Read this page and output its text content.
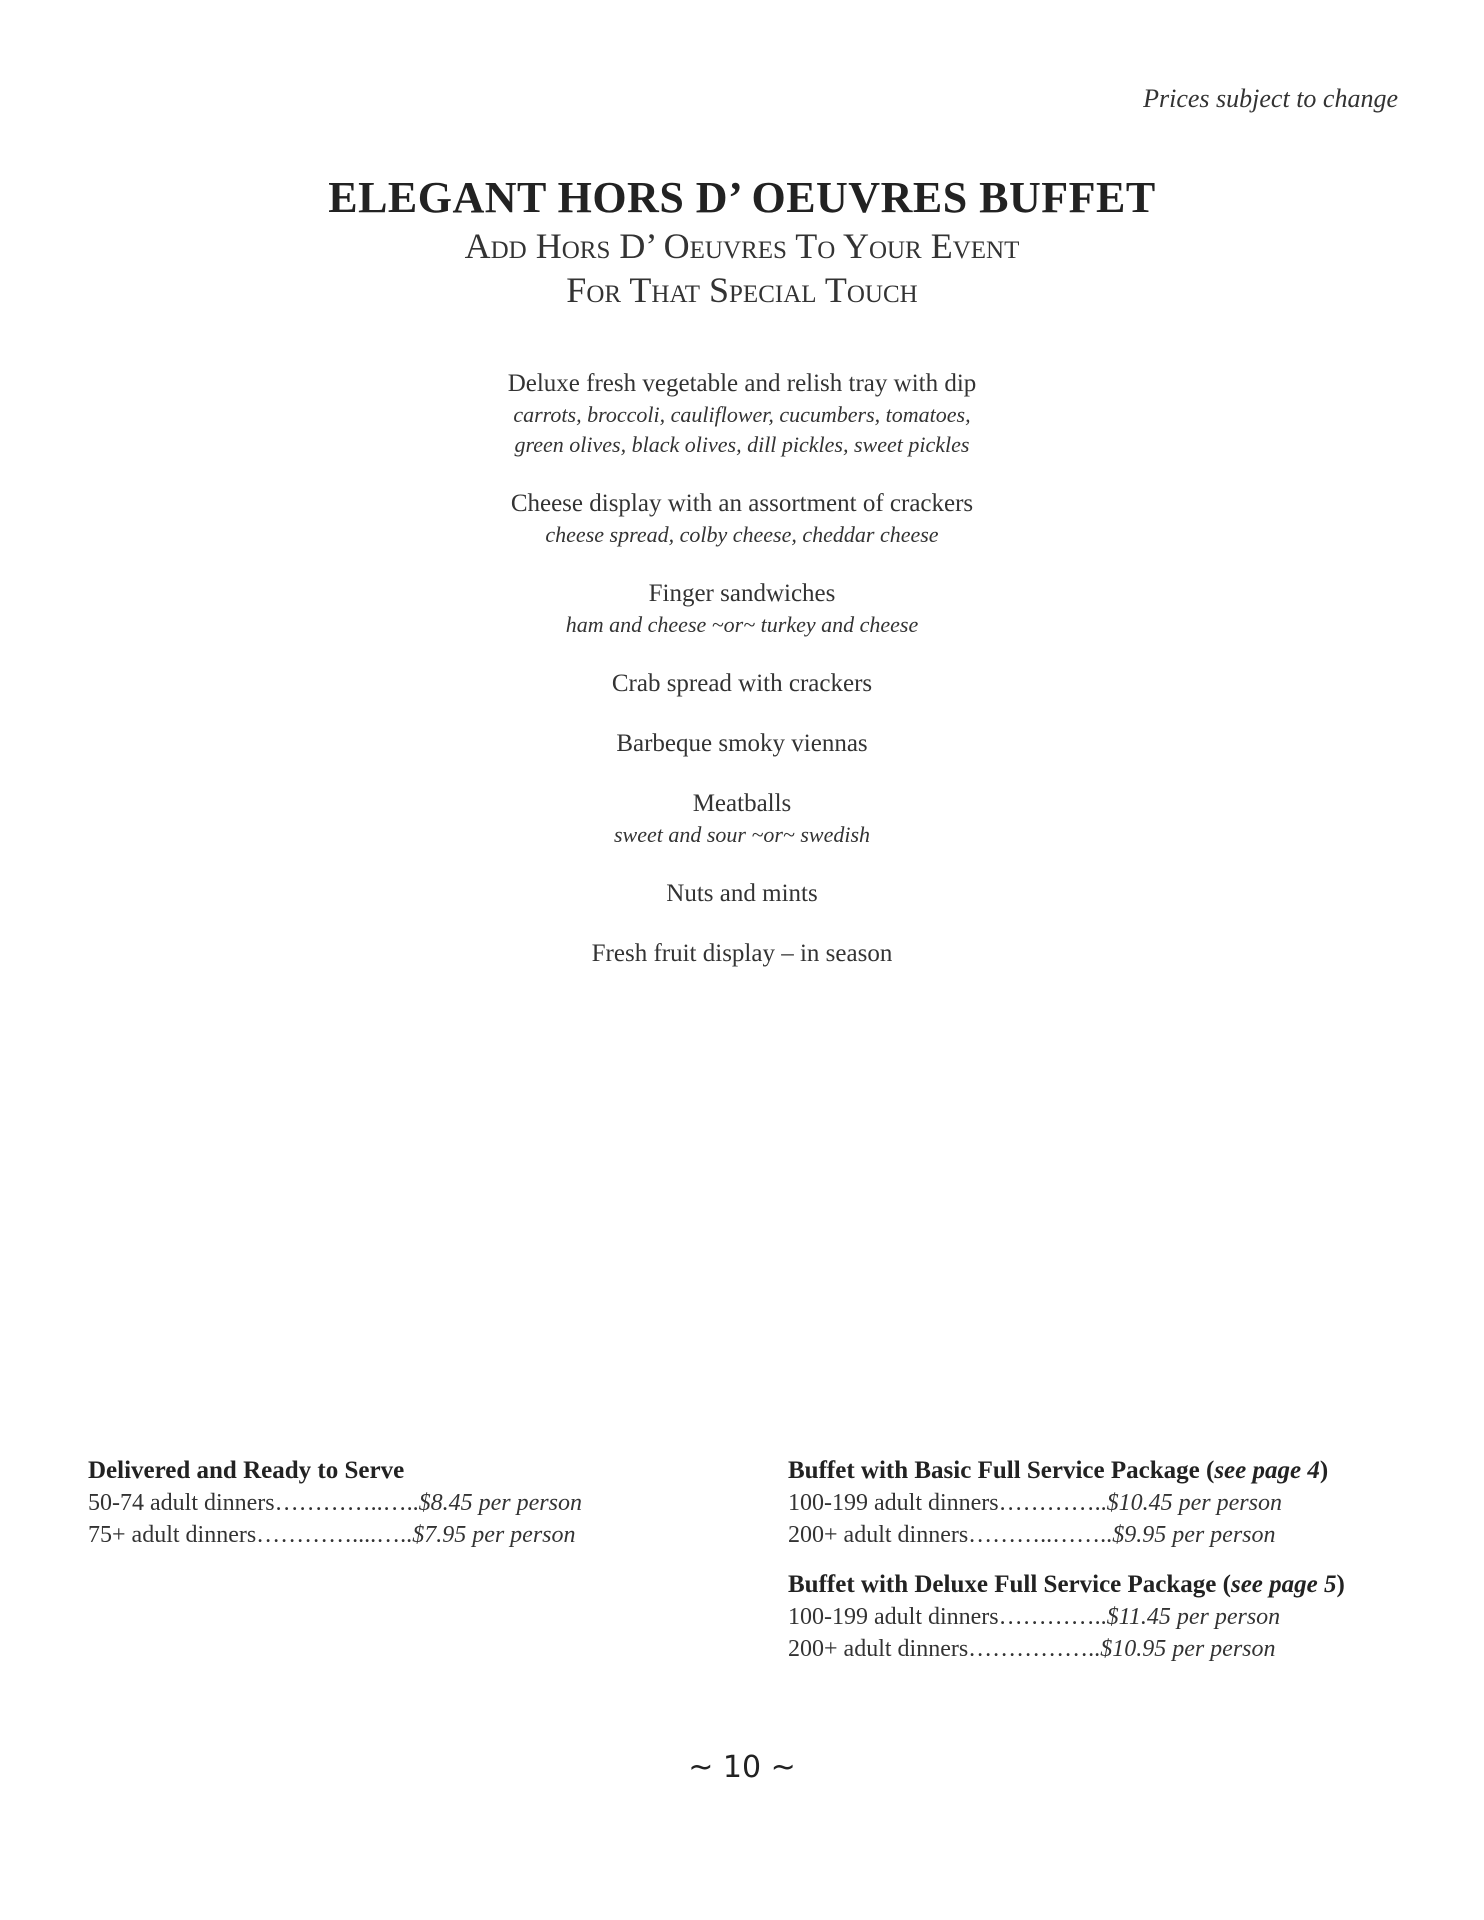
Prices subject to change
ELEGANT HORS D’ OEUVRES BUFFET

Add Hors D’ Oeuvres To Your Event

For That Special Touch

Deluxe fresh vegetable and relish tray with dip
carrots, broccoli, cauliflower, cucumbers, tomatoes,
green olives, black olives, dill pickles, sweet pickles
Cheese display with an assortment of crackers
cheese spread, colby cheese, cheddar cheese
Finger sandwiches
ham and cheese ~or~ turkey and cheese
Crab spread with crackers
Barbeque smoky viennas
Meatballs
sweet and sour ~or~ swedish
Nuts and mints
Fresh fruit display – in season
Delivered and Ready to Serve
50-74 adult dinners…………..…..$8.45 per person
75+ adult dinners…………....…..$7.95 per person
Buffet with Basic Full Service Package (see page 4)
100-199 adult dinners…………..$10.45 per person
200+ adult dinners………..……..$9.95 per person
Buffet with Deluxe Full Service Package (see page 5)
100-199 adult dinners…………..$11.45 per person
200+ adult dinners……………..$10.95 per person
~ 10 ~
